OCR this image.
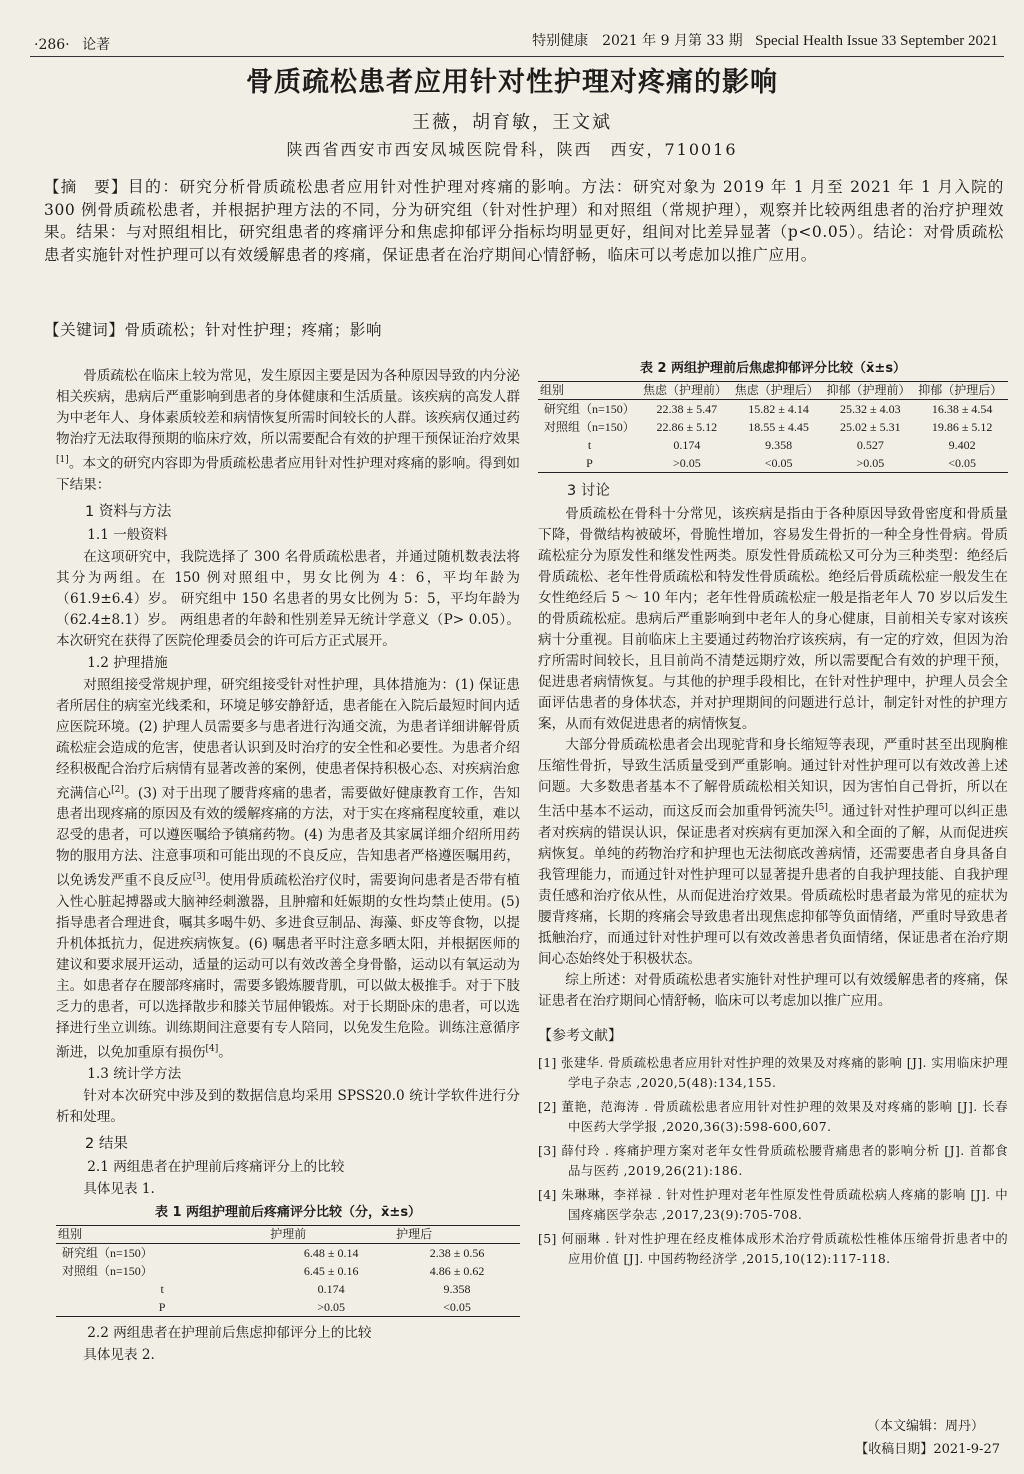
·286· 论著	特别健康　2021 年 9 月第 33 期 Special Health Issue 33 September 2021
骨质疏松患者应用针对性护理对疼痛的影响
王薇，胡育敏，王文斌
陕西省西安市西安凤城医院骨科，陕西　西安，710016
【摘　要】目的：研究分析骨质疏松患者应用针对性护理对疼痛的影响。方法：研究对象为 2019 年 1 月至 2021 年 1 月入院的 300 例骨质疏松患者，并根据护理方法的不同，分为研究组（针对性护理）和对照组（常规护理），观察并比较两组患者的治疗护理效果。结果：与对照组相比，研究组患者的疼痛评分和焦虑抑郁评分指标均明显更好，组间对比差异显著（p<0.05）。结论：对骨质疏松患者实施针对性护理可以有效缓解患者的疼痛，保证患者在治疗期间心情舒畅，临床可以考虑加以推广应用。
【关键词】骨质疏松；针对性护理；疼痛；影响

骨质疏松在临床上较为常见，发生原因主要是因为各种原因导致的内分泌相关疾病，患病后严重影响到患者的身体健康和生活质量。该疾病的高发人群为中老年人、身体素质较差和病情恢复所需时间较长的人群。该疾病仅通过药物治疗无法取得预期的临床疗效，所以需要配合有效的护理干预保证治疗效果[1]。本文的研究内容即为骨质疏松患者应用针对性护理对疼痛的影响。得到如下结果：

1 资料与方法
1.1 一般资料

在这项研究中，我院选择了 300 名骨质疏松患者，并通过随机数表法将其分为两组。在 150 例对照组中，男女比例为 4：6，平均年龄为（61.9±6.4）岁。 研究组中 150 名患者的男女比例为 5：5，平均年龄为（62.4±8.1）岁。 两组患者的年龄和性别差异无统计学意义（P> 0.05）。本次研究在获得了医院伦理委员会的许可后方正式展开。

1.2 护理措施

对照组接受常规护理，研究组接受针对性护理，具体措施为：(1) 保证患者所居住的病室光线柔和，环境足够安静舒适，患者能在入院后最短时间内适应医院环境。(2) 护理人员需要多与患者进行沟通交流，为患者详细讲解骨质疏松症会造成的危害，使患者认识到及时治疗的安全性和必要性。为患者介绍经积极配合治疗后病情有显著改善的案例，使患者保持积极心态、对疾病治愈充满信心[2]。(3) 对于出现了腰背疼痛的患者，需要做好健康教育工作，告知患者出现疼痛的原因及有效的缓解疼痛的方法，对于实在疼痛程度较重，难以忍受的患者，可以遵医嘱给予镇痛药物。(4) 为患者及其家属详细介绍所用药物的服用方法、注意事项和可能出现的不良反应，告知患者严格遵医嘱用药，以免诱发严重不良反应[3]。使用骨质疏松治疗仪时，需要询问患者是否带有植入性心脏起搏器或大脑神经刺激器，且肿瘤和妊娠期的女性均禁止使用。(5) 指导患者合理进食，嘱其多喝牛奶、多进食豆制品、海藻、虾皮等食物，以提升机体抵抗力，促进疾病恢复。(6) 嘱患者平时注意多晒太阳，并根据医师的建议和要求展开运动，适量的运动可以有效改善全身骨骼，运动以有氧运动为主。如患者存在腰部疼痛时，需要多锻炼腰背肌，可以做太极推手。对于下肢乏力的患者，可以选择散步和膝关节屈伸锻炼。对于长期卧床的患者，可以选择进行坐立训练。训练期间注意要有专人陪同，以免发生危险。训练注意循序渐进，以免加重原有损伤[4]。

1.3 统计学方法

针对本次研究中涉及到的数据信息均采用 SPSS20.0 统计学软件进行分析和处理。

2 结果
2.1 两组患者在护理前后疼痛评分上的比较

具体见表 1.

表 1 两组护理前后疼痛评分比较（分，x̄±s）
组别	护理前	护理后
研究组（n=150）	6.48 ± 0.14	2.38 ± 0.56
对照组（n=150）	6.45 ± 0.16	4.86 ± 0.62
t	0.174	9.358
P	>0.05	<0.05
2.2 两组患者在护理前后焦虑抑郁评分上的比较

具体见表 2.

表 2 两组护理前后焦虑抑郁评分比较（x̄±s）
组别	焦虑（护理前）	焦虑（护理后）	抑郁（护理前）	抑郁（护理后）
研究组（n=150）	22.38 ± 5.47	15.82 ± 4.14	25.32 ± 4.03	16.38 ± 4.54
对照组（n=150）	22.86 ± 5.12	18.55 ± 4.45	25.02 ± 5.31	19.86 ± 5.12
t	0.174	9.358	0.527	9.402
P	>0.05	<0.05	>0.05	<0.05
3 讨论

骨质疏松在骨科十分常见，该疾病是指由于各种原因导致骨密度和骨质量下降，骨微结构被破坏，骨脆性增加，容易发生骨折的一种全身性骨病。骨质疏松症分为原发性和继发性两类。原发性骨质疏松又可分为三种类型：绝经后骨质疏松、老年性骨质疏松和特发性骨质疏松。绝经后骨质疏松症一般发生在女性绝经后 5 ～ 10 年内；老年性骨质疏松症一般是指老年人 70 岁以后发生的骨质疏松症。患病后严重影响到中老年人的身心健康，目前相关专家对该疾病十分重视。目前临床上主要通过药物治疗该疾病，有一定的疗效，但因为治疗所需时间较长，且目前尚不清楚远期疗效，所以需要配合有效的护理干预，促进患者病情恢复。与其他的护理手段相比，在针对性护理中，护理人员会全面评估患者的身体状态，并对护理期间的问题进行总计，制定针对性的护理方案，从而有效促进患者的病情恢复。

大部分骨质疏松患者会出现驼背和身长缩短等表现，严重时甚至出现胸椎压缩性骨折，导致生活质量受到严重影响。通过针对性护理可以有效改善上述问题。大多数患者基本不了解骨质疏松相关知识，因为害怕自己骨折，所以在生活中基本不运动，而这反而会加重骨钙流失[5]。通过针对性护理可以纠正患者对疾病的错误认识，保证患者对疾病有更加深入和全面的了解，从而促进疾病恢复。单纯的药物治疗和护理也无法彻底改善病情，还需要患者自身具备自我管理能力，而通过针对性护理可以显著提升患者的自我护理技能、自我护理责任感和治疗依从性，从而促进治疗效果。骨质疏松时患者最为常见的症状为腰背疼痛，长期的疼痛会导致患者出现焦虑抑郁等负面情绪，严重时导致患者抵触治疗，而通过针对性护理可以有效改善患者负面情绪，保证患者在治疗期间心态始终处于积极状态。

综上所述：对骨质疏松患者实施针对性护理可以有效缓解患者的疼痛，保证患者在治疗期间心情舒畅，临床可以考虑加以推广应用。

【参考文献】
[1] 张建华. 骨质疏松患者应用针对性护理的效果及对疼痛的影响 [J]. 实用临床护理学电子杂志 ,2020,5(48):134,155.
[2] 董艳，范海涛 . 骨质疏松患者应用针对性护理的效果及对疼痛的影响 [J]. 长春中医药大学学报 ,2020,36(3):598-600,607.
[3] 薛付玲 . 疼痛护理方案对老年女性骨质疏松腰背痛患者的影响分析 [J]. 首都食品与医药 ,2019,26(21):186.
[4] 朱琳琳，李祥禄 . 针对性护理对老年性原发性骨质疏松病人疼痛的影响 [J]. 中国疼痛医学杂志 ,2017,23(9):705-708.
[5] 何丽琳 . 针对性护理在经皮椎体成形术治疗骨质疏松性椎体压缩骨折患者中的应用价值 [J]. 中国药物经济学 ,2015,10(12):117-118.
（本文编辑：周丹）
【收稿日期】2021-9-27
